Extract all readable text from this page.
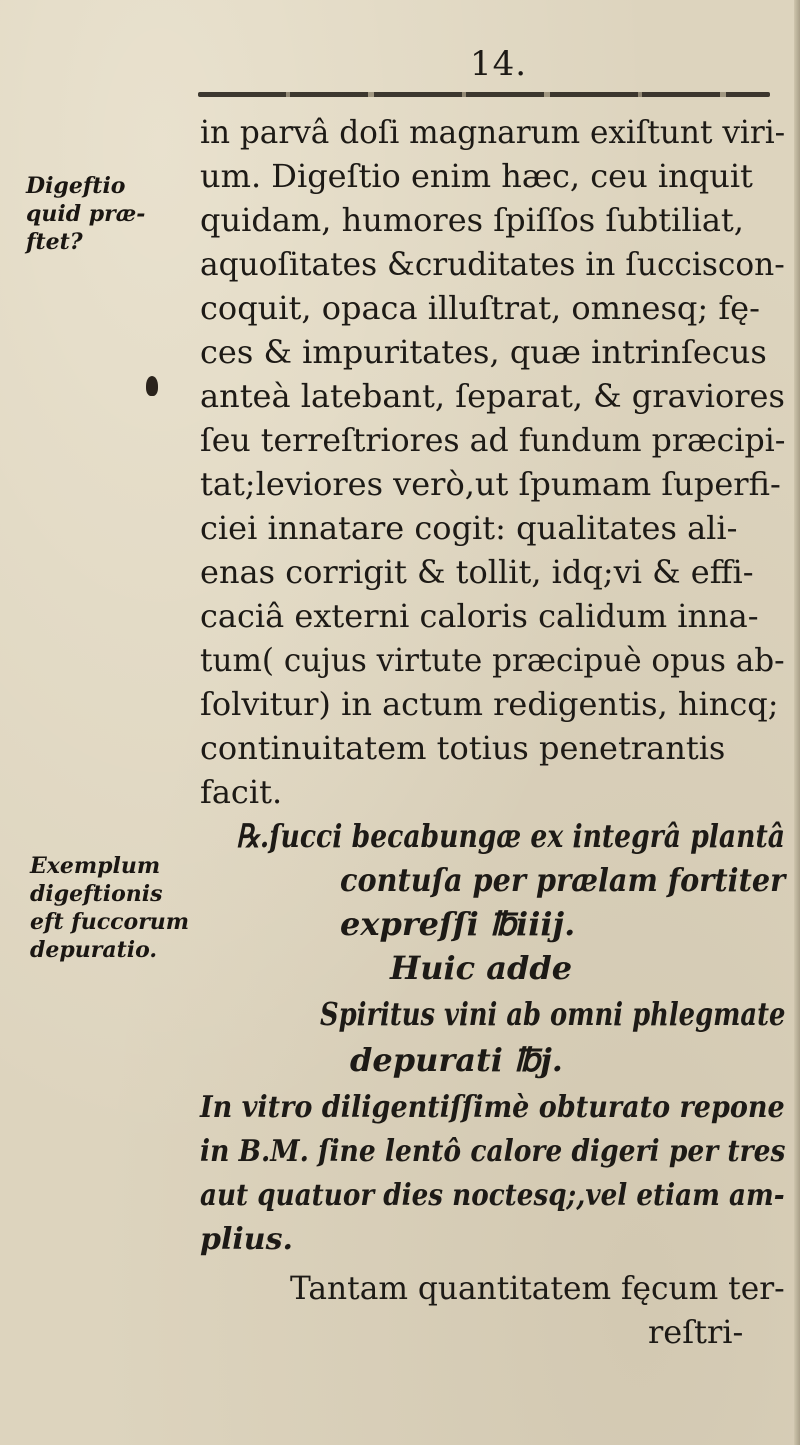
14.
Digeftio
quid præ-
ftet?
Exemplum
digeftionis
eft fuccorum
depuratio.
in parvâ doſi magnarum exiſtunt viri-
um. Digeſtio enim hæc, ceu inquit
quidam, humores ſpiſſos ſubtiliat,
aquoſitates &cruditates in ſucciscon-
coquit, opaca illuſtrat, omnesq; fę-
ces & impuritates, quæ intrinſecus
anteà latebant, ſeparat, & graviores
ſeu terreſtriores ad fundum præcipi-
tat;leviores verò,ut ſpumam ſuperfi-
ciei innatare cogit: qualitates ali-
enas corrigit & tollit, idq;vi & effi-
caciâ externi caloris calidum inna-
tum( cujus virtute præcipuè opus ab-
ſolvitur) in actum redigentis, hincq;
continuitatem totius penetrantis
facit.
℞.ſucci becabungæ ex integrâ plantâ
contuſa per prælam fortiter
expreſſi ℔iiij.
Huic adde
Spiritus vini ab omni phlegmate
depurati ℔j.
In vitro diligentiſſimè obturato repone
in B.M. ſine lentô calore digeri per tres
aut quatuor dies noctesq;,vel etiam am-
plius.
Tantam quantitatem fęcum ter-
reſtri-
